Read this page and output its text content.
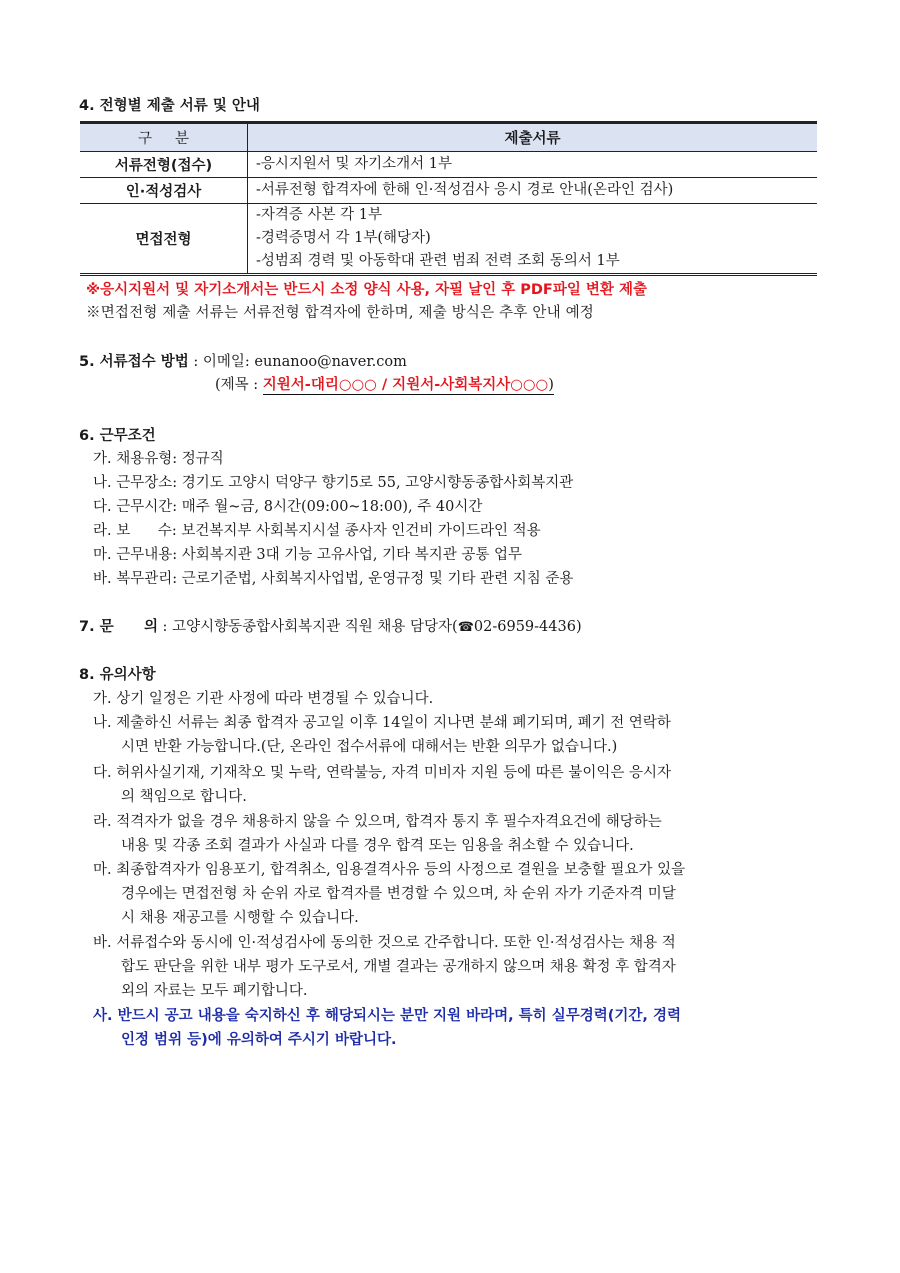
4. 전형별 제출 서류 및 안내
구     분	제출서류
서류전형(접수)	-응시지원서 및 자기소개서 1부

인·적성검사	-서류전형 합격자에 한해 인·적성검사 응시 경로 안내(온라인 검사)

면접전형	-자격증 사본 각 1부
-경력증명서 각 1부(해당자)
-성범죄 경력 및 아동학대 관련 범죄 전력 조회 동의서 1부
※응시지원서 및 자기소개서는 반드시 소정 양식 사용, 자필 날인 후 PDF파일 변환 제출
※면접전형 제출 서류는 서류전형 합격자에 한하며, 제출 방식은 추후 안내 예정
5. 서류접수 방법 : 이메일: eunanoo@naver.com
(제목 : 지원서-대리○○○ / 지원서-사회복지사○○○)
6. 근무조건
가. 채용유형: 정규직
나. 근무장소: 경기도 고양시 덕양구 향기5로 55, 고양시향동종합사회복지관
다. 근무시간: 매주 월~금, 8시간(09:00~18:00), 주 40시간
라. 보      수: 보건복지부 사회복지시설 종사자 인건비 가이드라인 적용
마. 근무내용: 사회복지관 3대 기능 고유사업, 기타 복지관 공통 업무
바. 복무관리: 근로기준법, 사회복지사업법, 운영규정 및 기타 관련 지침 준용
7. 문      의 : 고양시향동종합사회복지관 직원 채용 담당자(☎02-6959-4436)
8. 유의사항
가. 상기 일정은 기관 사정에 따라 변경될 수 있습니다.
나. 제출하신 서류는 최종 합격자 공고일 이후 14일이 지나면 분쇄 폐기되며, 폐기 전 연락하
시면 반환 가능합니다.(단, 온라인 접수서류에 대해서는 반환 의무가 없습니다.)
다. 허위사실기재, 기재착오 및 누락, 연락불능, 자격 미비자 지원 등에 따른 불이익은 응시자
의 책임으로 합니다.
라. 적격자가 없을 경우 채용하지 않을 수 있으며, 합격자 통지 후 필수자격요건에 해당하는
내용 및 각종 조회 결과가 사실과 다를 경우 합격 또는 임용을 취소할 수 있습니다.
마. 최종합격자가 임용포기, 합격취소, 임용결격사유 등의 사정으로 결원을 보충할 필요가 있을
경우에는 면접전형 차 순위 자로 합격자를 변경할 수 있으며, 차 순위 자가 기준자격 미달
시 채용 재공고를 시행할 수 있습니다.
바. 서류접수와 동시에 인·적성검사에 동의한 것으로 간주합니다. 또한 인·적성검사는 채용 적
합도 판단을 위한 내부 평가 도구로서, 개별 결과는 공개하지 않으며 채용 확정 후 합격자
외의 자료는 모두 폐기합니다.
사. 반드시 공고 내용을 숙지하신 후 해당되시는 분만 지원 바라며, 특히 실무경력(기간, 경력
인정 범위 등)에 유의하여 주시기 바랍니다.
